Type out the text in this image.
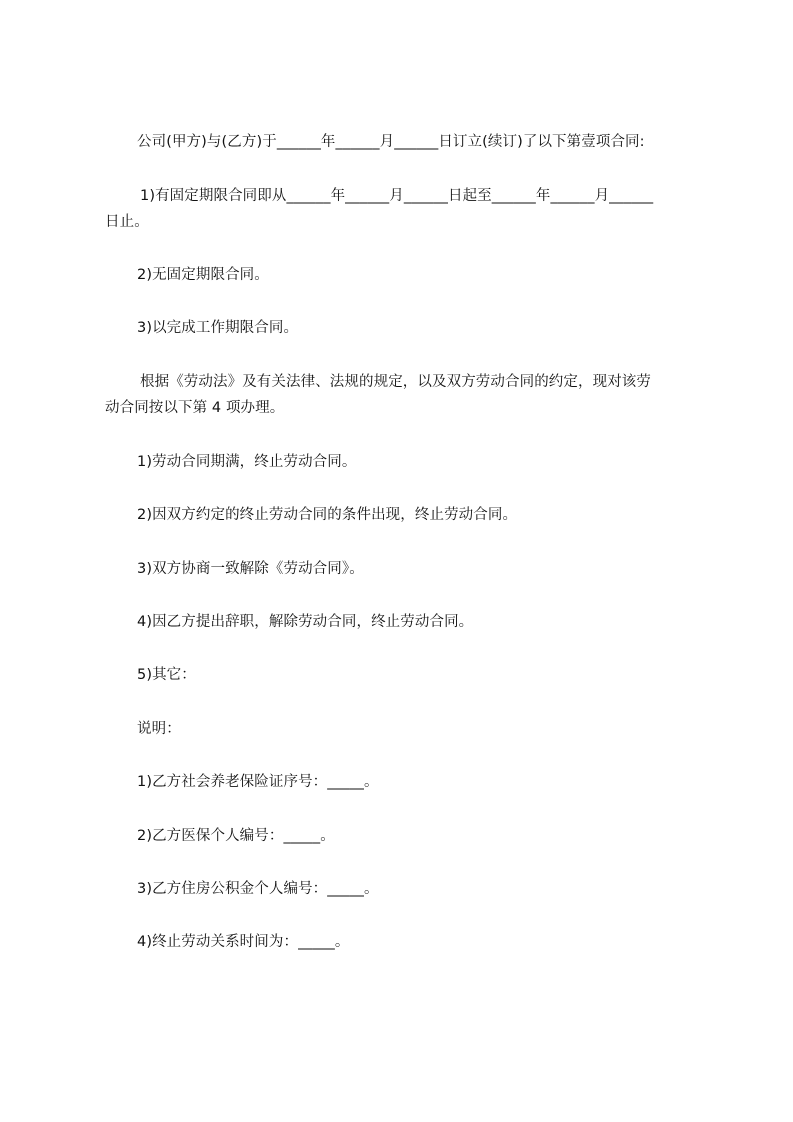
公司(甲方)与(乙方)于______年______月______日订立(续订)了以下第壹项合同:
1)有固定期限合同即从______年______月______日起至______年______月______
日止。
2)无固定期限合同。
3)以完成工作期限合同。
根据《劳动法》及有关法律、法规的规定，以及双方劳动合同的约定，现对该劳
动合同按以下第 4 项办理。
1)劳动合同期满，终止劳动合同。
2)因双方约定的终止劳动合同的条件出现，终止劳动合同。
3)双方协商一致解除《劳动合同》。
4)因乙方提出辞职，解除劳动合同，终止劳动合同。
5)其它：
说明：
1)乙方社会养老保险证序号：_____。
2)乙方医保个人编号：_____。
3)乙方住房公积金个人编号：_____。
4)终止劳动关系时间为：_____。
